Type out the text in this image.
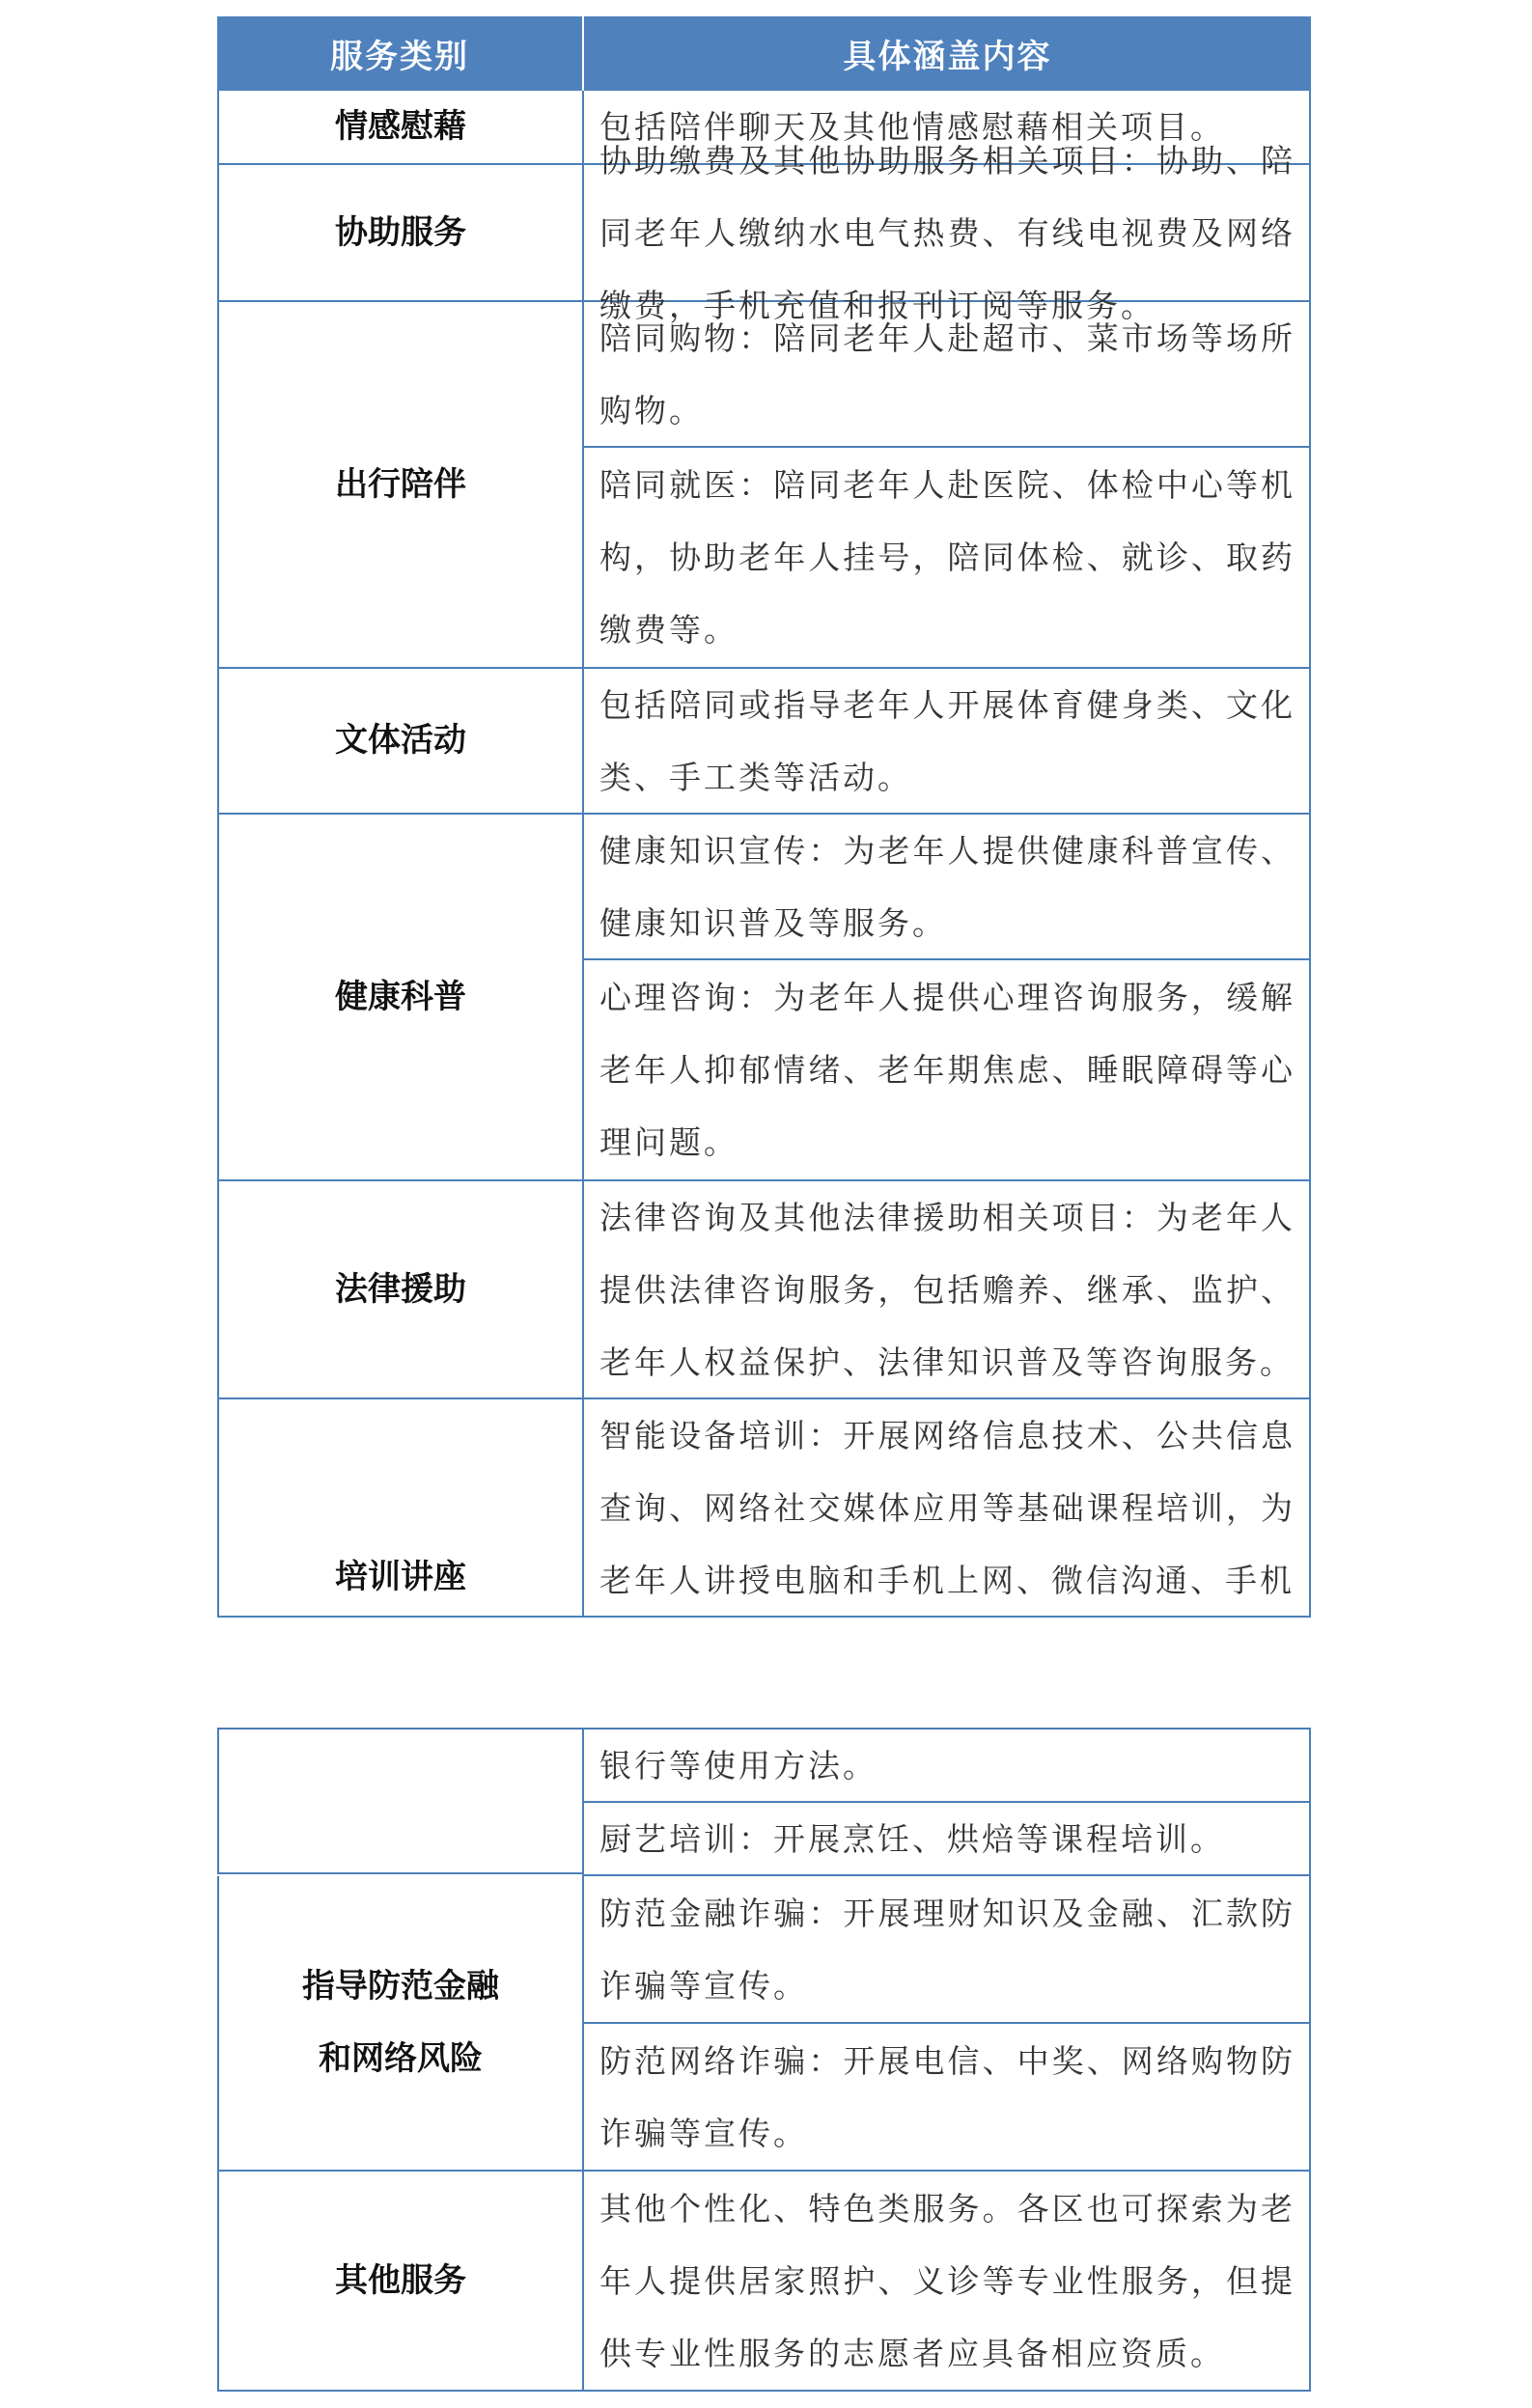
服务类别	具体涵盖内容
情感慰藉	包括陪伴聊天及其他情感慰藉相关项目。
协助服务
协助缴费及其他协助服务相关项目：协助、陪同老年人缴纳水电气热费、有线电视费及网络缴费，手机充值和报刊订阅等服务。
出行陪伴
陪同购物：陪同老年人赴超市、菜市场等场所购物。
陪同就医：陪同老年人赴医院、体检中心等机构，协助老年人挂号，陪同体检、就诊、取药缴费等。
文体活动
包括陪同或指导老年人开展体育健身类、文化类、手工类等活动。
健康科普
健康知识宣传：为老年人提供健康科普宣传、健康知识普及等服务。
心理咨询：为老年人提供心理咨询服务，缓解老年人抑郁情绪、老年期焦虑、睡眠障碍等心理问题。
法律援助
法律咨询及其他法律援助相关项目：为老年人提供法律咨询服务，包括赡养、继承、监护、老年人权益保护、法律知识普及等咨询服务。
培训讲座
智能设备培训：开展网络信息技术、公共信息查询、网络社交媒体应用等基础课程培训，为老年人讲授电脑和手机上网、微信沟通、手机
银行等使用方法。
厨艺培训：开展烹饪、烘焙等课程培训。
指导防范金融
和网络风险
防范金融诈骗：开展理财知识及金融、汇款防诈骗等宣传。
防范网络诈骗：开展电信、中奖、网络购物防诈骗等宣传。
其他服务
其他个性化、特色类服务。各区也可探索为老年人提供居家照护、义诊等专业性服务，但提供专业性服务的志愿者应具备相应资质。
